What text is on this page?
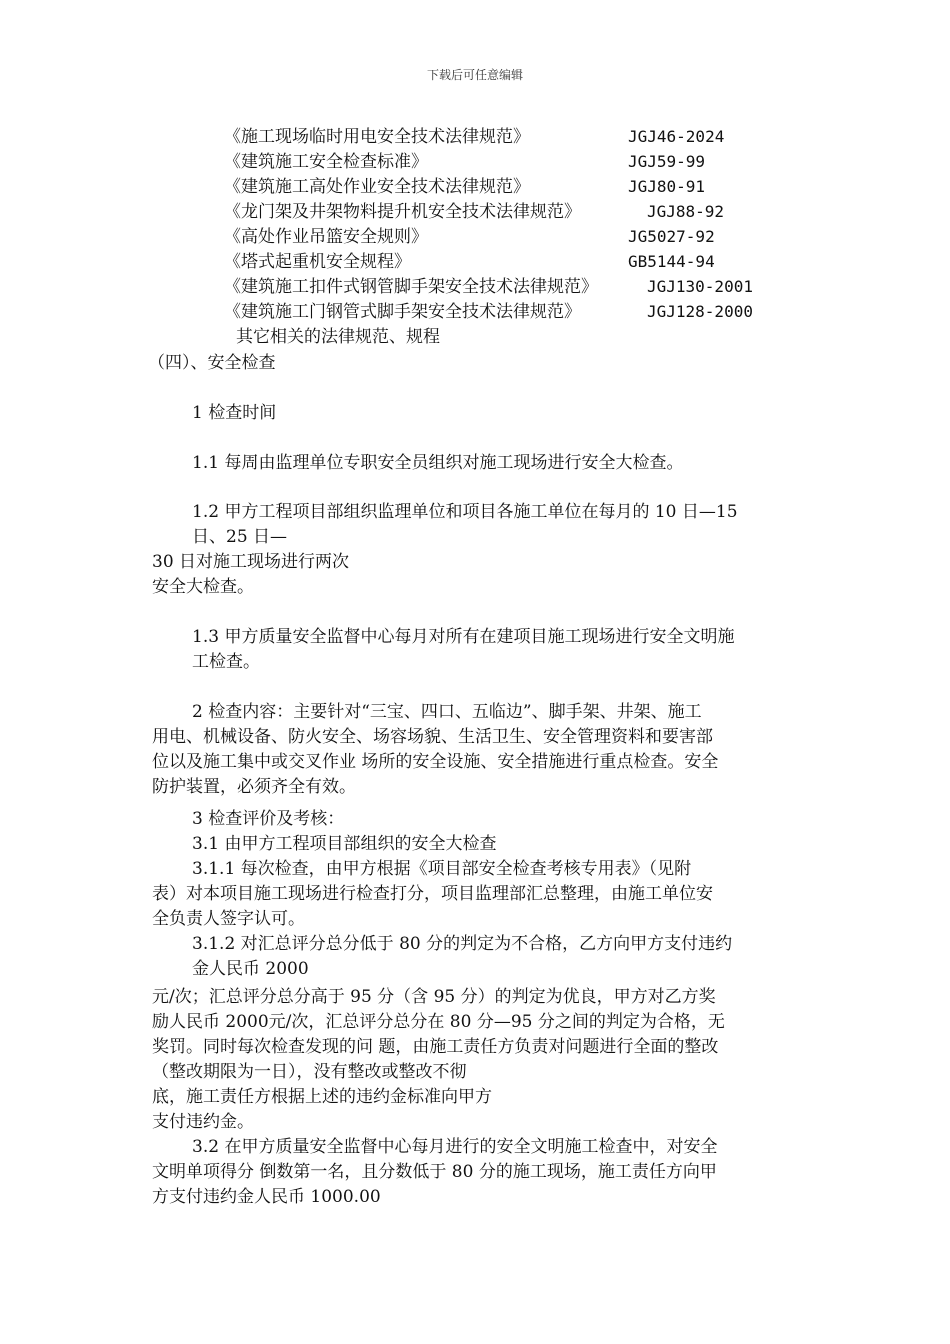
下载后可任意编辑
《施工现场临时用电安全技术法律规范》	JGJ46-2024
《建筑施工安全检查标准》	JGJ59-99
《建筑施工高处作业安全技术法律规范》	JGJ80-91
《龙门架及井架物料提升机安全技术法律规范》	JGJ88-92
《高处作业吊篮安全规则》	JG5027-92
《塔式起重机安全规程》	GB5144-94
《建筑施工扣件式钢管脚手架安全技术法律规范》	JGJ130-2001
《建筑施工门钢管式脚手架安全技术法律规范》	JGJ128-2000
其它相关的法律规范、规程
（四）、安全检查
1 检查时间
1.1 每周由监理单位专职安全员组织对施工现场进行安全大检查。
1.2 甲方工程项目部组织监理单位和项目各施工单位在每月的 10 日—15
日、25 日—
30 日对施工现场进行两次
安全大检查。
1.3 甲方质量安全监督中心每月对所有在建项目施工现场进行安全文明施
工检查。
2 检查内容：主要针对“三宝、四口、五临边”、脚手架、井架、施工
用电、机械设备、防火安全、场容场貌、生活卫生、安全管理资料和要害部
位以及施工集中或交叉作业 场所的安全设施、安全措施进行重点检查。安全
防护装置，必须齐全有效。
3 检查评价及考核：
3.1 由甲方工程项目部组织的安全大检查
3.1.1 每次检查，由甲方根据《项目部安全检查考核专用表》（见附
表）对本项目施工现场进行检查打分，项目监理部汇总整理，由施工单位安
全负责人签字认可。
3.1.2 对汇总评分总分低于 80 分的判定为不合格，乙方向甲方支付违约
金人民币 2000
元/次；汇总评分总分高于 95 分（含 95 分）的判定为优良，甲方对乙方奖
励人民币 2000元/次，汇总评分总分在 80 分—95 分之间的判定为合格，无
奖罚。同时每次检查发现的问 题，由施工责任方负责对问题进行全面的整改
（整改期限为一日），没有整改或整改不彻
底，施工责任方根据上述的违约金标准向甲方
支付违约金。
3.2 在甲方质量安全监督中心每月进行的安全文明施工检查中，对安全
文明单项得分 倒数第一名，且分数低于 80 分的施工现场，施工责任方向甲
方支付违约金人民币 1000.00
